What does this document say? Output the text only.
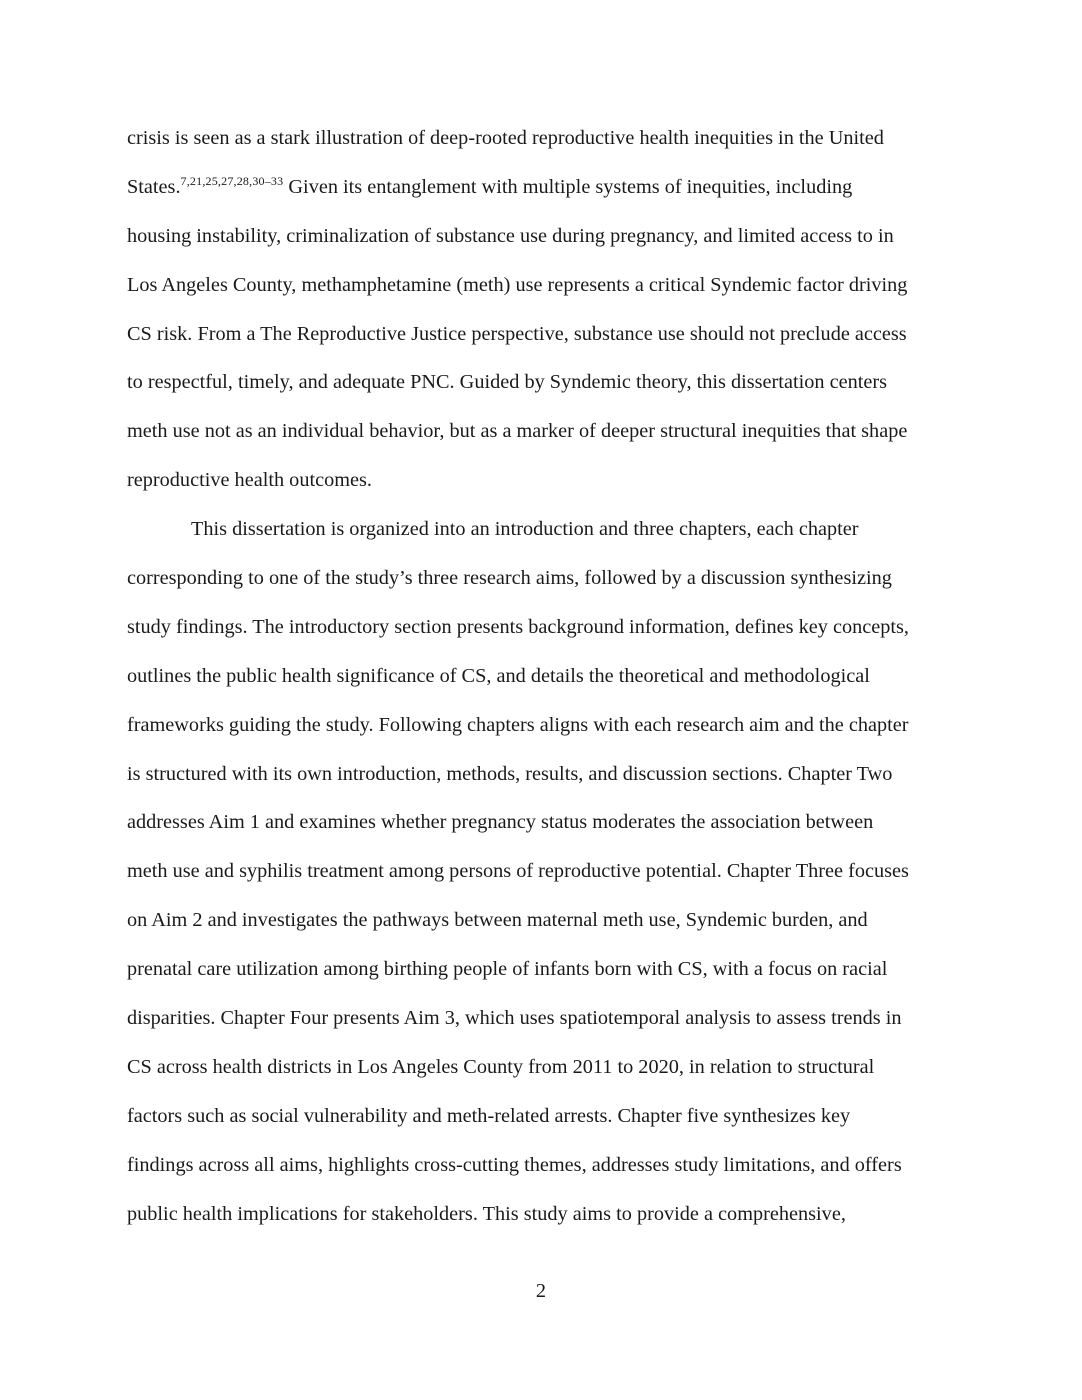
crisis is seen as a stark illustration of deep-rooted reproductive health inequities in the United
States.$^{7,21,25,27,28,30-33}$ Given its entanglement with multiple systems of inequities, including
housing instability, criminalization of substance use during pregnancy, and limited access to in
Los Angeles County, methamphetamine (meth) use represents a critical Syndemic factor driving
CS risk. From a The Reproductive Justice perspective, substance use should not preclude access
to respectful, timely, and adequate PNC. Guided by Syndemic theory, this dissertation centers
meth use not as an individual behavior, but as a marker of deeper structural inequities that shape
reproductive health outcomes.
This dissertation is organized into an introduction and three chapters, each chapter
corresponding to one of the study’s three research aims, followed by a discussion synthesizing
study findings. The introductory section presents background information, defines key concepts,
outlines the public health significance of CS, and details the theoretical and methodological
frameworks guiding the study. Following chapters aligns with each research aim and the chapter
is structured with its own introduction, methods, results, and discussion sections. Chapter Two
addresses Aim 1 and examines whether pregnancy status moderates the association between
meth use and syphilis treatment among persons of reproductive potential. Chapter Three focuses
on Aim 2 and investigates the pathways between maternal meth use, Syndemic burden, and
prenatal care utilization among birthing people of infants born with CS, with a focus on racial
disparities. Chapter Four presents Aim 3, which uses spatiotemporal analysis to assess trends in
CS across health districts in Los Angeles County from 2011 to 2020, in relation to structural
factors such as social vulnerability and meth-related arrests. Chapter five synthesizes key
findings across all aims, highlights cross-cutting themes, addresses study limitations, and offers
public health implications for stakeholders. This study aims to provide a comprehensive,
2
